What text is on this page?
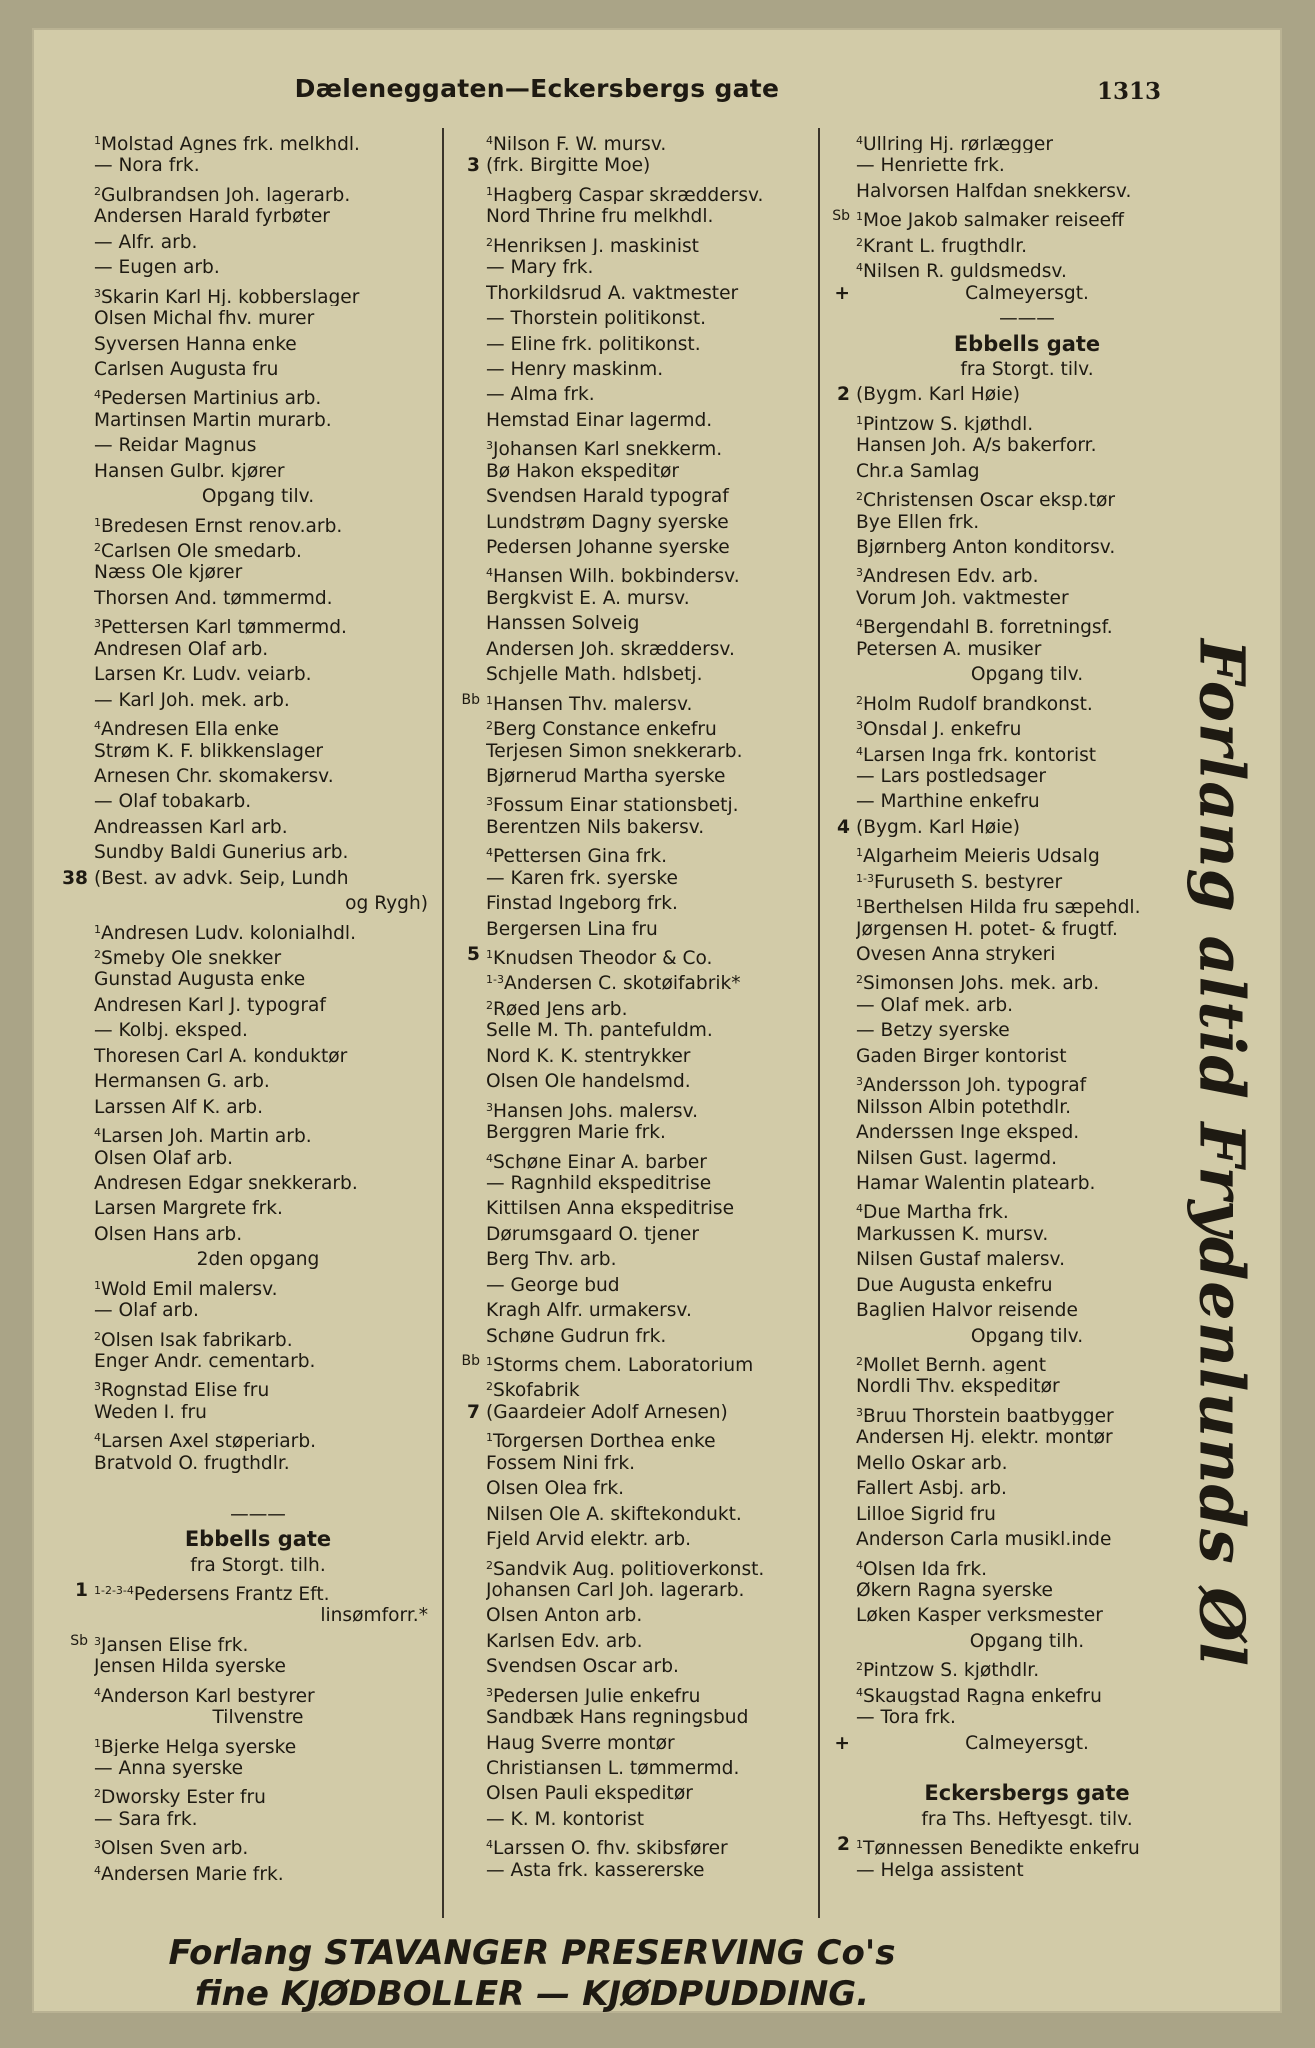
Dæleneggaten—Eckersbergs gate	1313
$^1$Molstad Agnes frk. melkhdl.
— Nora frk.
$^2$Gulbrandsen Joh. lagerarb.
Andersen Harald fyrbøter
— Alfr. arb.
— Eugen arb.
$^3$Skarin Karl Hj. kobberslager
Olsen Michal fhv. murer
Syversen Hanna enke
Carlsen Augusta fru
$^4$Pedersen Martinius arb.
Martinsen Martin murarb.
— Reidar Magnus
Hansen Gulbr. kjører
Opgang tilv.
$^1$Bredesen Ernst renov.arb.
$^2$Carlsen Ole smedarb.
Næss Ole kjører
Thorsen And. tømmermd.
$^3$Pettersen Karl tømmermd.
Andresen Olaf arb.
Larsen Kr. Ludv. veiarb.
— Karl Joh. mek. arb.
$^4$Andresen Ella enke
Strøm K. F. blikkenslager
Arnesen Chr. skomakersv.
— Olaf tobakarb.
Andreassen Karl arb.
Sundby Baldi Gunerius arb.
38 (Best. av advk. Seip, Lundh
og Rygh)
$^1$Andresen Ludv. kolonialhdl.
$^2$Smeby Ole snekker
Gunstad Augusta enke
Andresen Karl J. typograf
— Kolbj. eksped.
Thoresen Carl A. konduktør
Hermansen G. arb.
Larssen Alf K. arb.
$^4$Larsen Joh. Martin arb.
Olsen Olaf arb.
Andresen Edgar snekkerarb.
Larsen Margrete frk.
Olsen Hans arb.
2den opgang
$^1$Wold Emil malersv.
— Olaf arb.
$^2$Olsen Isak fabrikarb.
Enger Andr. cementarb.
$^3$Rognstad Elise fru
Weden I. fru
$^4$Larsen Axel støperiarb.
Bratvold O. frugthdlr.
———
Ebbells gate
fra Storgt. tilh.
1 $^{1-2-3-4}$Pedersens Frantz Eft.
linsømforr.*
Sb $^3$Jansen Elise frk.
Jensen Hilda syerske
$^4$Anderson Karl bestyrer
Tilvenstre
$^1$Bjerke Helga syerske
— Anna syerske
$^2$Dworsky Ester fru
— Sara frk.
$^3$Olsen Sven arb.
$^4$Andersen Marie frk.
$^4$Nilson F. W. mursv.
3 (frk. Birgitte Moe)
$^1$Hagberg Caspar skræddersv.
Nord Thrine fru melkhdl.
$^2$Henriksen J. maskinist
— Mary frk.
Thorkildsrud A. vaktmester
— Thorstein politikonst.
— Eline frk. politikonst.
— Henry maskinm.
— Alma frk.
Hemstad Einar lagermd.
$^3$Johansen Karl snekkerm.
Bø Hakon ekspeditør
Svendsen Harald typograf
Lundstrøm Dagny syerske
Pedersen Johanne syerske
$^4$Hansen Wilh. bokbindersv.
Bergkvist E. A. mursv.
Hanssen Solveig
Andersen Joh. skræddersv.
Schjelle Math. hdlsbetj.
Bb $^1$Hansen Thv. malersv.
$^2$Berg Constance enkefru
Terjesen Simon snekkerarb.
Bjørnerud Martha syerske
$^3$Fossum Einar stationsbetj.
Berentzen Nils bakersv.
$^4$Pettersen Gina frk.
— Karen frk. syerske
Finstad Ingeborg frk.
Bergersen Lina fru
5 $^1$Knudsen Theodor & Co.
$^{1-3}$Andersen C. skotøifabrik*
$^2$Røed Jens arb.
Selle M. Th. pantefuldm.
Nord K. K. stentrykker
Olsen Ole handelsmd.
$^3$Hansen Johs. malersv.
Berggren Marie frk.
$^4$Schøne Einar A. barber
— Ragnhild ekspeditrise
Kittilsen Anna ekspeditrise
Dørumsgaard O. tjener
Berg Thv. arb.
— George bud
Kragh Alfr. urmakersv.
Schøne Gudrun frk.
Bb $^1$Storms chem. Laboratorium
$^2$Skofabrik
7 (Gaardeier Adolf Arnesen)
$^1$Torgersen Dorthea enke
Fossem Nini frk.
Olsen Olea frk.
Nilsen Ole A. skiftekondukt.
Fjeld Arvid elektr. arb.
$^2$Sandvik Aug. politioverkonst.
Johansen Carl Joh. lagerarb.
Olsen Anton arb.
Karlsen Edv. arb.
Svendsen Oscar arb.
$^3$Pedersen Julie enkefru
Sandbæk Hans regningsbud
Haug Sverre montør
Christiansen L. tømmermd.
Olsen Pauli ekspeditør
— K. M. kontorist
$^4$Larssen O. fhv. skibsfører
— Asta frk. kassererske
$^4$Ullring Hj. rørlægger
— Henriette frk.
Halvorsen Halfdan snekkersv.
Sb $^1$Moe Jakob salmaker reiseeff
$^2$Krant L. frugthdlr.
$^4$Nilsen R. guldsmedsv.
+	Calmeyersgt.
———
Ebbells gate
fra Storgt. tilv.
2 (Bygm. Karl Høie)
$^1$Pintzow S. kjøthdl.
Hansen Joh. A/s bakerforr.
Chr.a Samlag
$^2$Christensen Oscar eksp.tør
Bye Ellen frk.
Bjørnberg Anton konditorsv.
$^3$Andresen Edv. arb.
Vorum Joh. vaktmester
$^4$Bergendahl B. forretningsf.
Petersen A. musiker
Opgang tilv.
$^2$Holm Rudolf brandkonst.
$^3$Onsdal J. enkefru
$^4$Larsen Inga frk. kontorist
— Lars postledsager
— Marthine enkefru
4 (Bygm. Karl Høie)
$^1$Algarheim Meieris Udsalg
$^{1-3}$Furuseth S. bestyrer
$^1$Berthelsen Hilda fru sæpehdl.
Jørgensen H. potet- & frugtf.
Ovesen Anna strykeri
$^2$Simonsen Johs. mek. arb.
— Olaf mek. arb.
— Betzy syerske
Gaden Birger kontorist
$^3$Andersson Joh. typograf
Nilsson Albin potethdlr.
Anderssen Inge eksped.
Nilsen Gust. lagermd.
Hamar Walentin platearb.
$^4$Due Martha frk.
Markussen K. mursv.
Nilsen Gustaf malersv.
Due Augusta enkefru
Baglien Halvor reisende
Opgang tilv.
$^2$Mollet Bernh. agent
Nordli Thv. ekspeditør
$^3$Bruu Thorstein baatbygger
Andersen Hj. elektr. montør
Mello Oskar arb.
Fallert Asbj. arb.
Lilloe Sigrid fru
Anderson Carla musikl.inde
$^4$Olsen Ida frk.
Økern Ragna syerske
Løken Kasper verksmester
Opgang tilh.
$^2$Pintzow S. kjøthdlr.
$^4$Skaugstad Ragna enkefru
— Tora frk.
+	Calmeyersgt.
Eckersbergs gate
fra Ths. Heftyesgt. tilv.
2 $^1$Tønnessen Benedikte enkefru
— Helga assistent
Forlang altid Frydenlunds Øl
Forlang STAVANGER PRESERVING Co's
fine KJØDBOLLER — KJØDPUDDING.
